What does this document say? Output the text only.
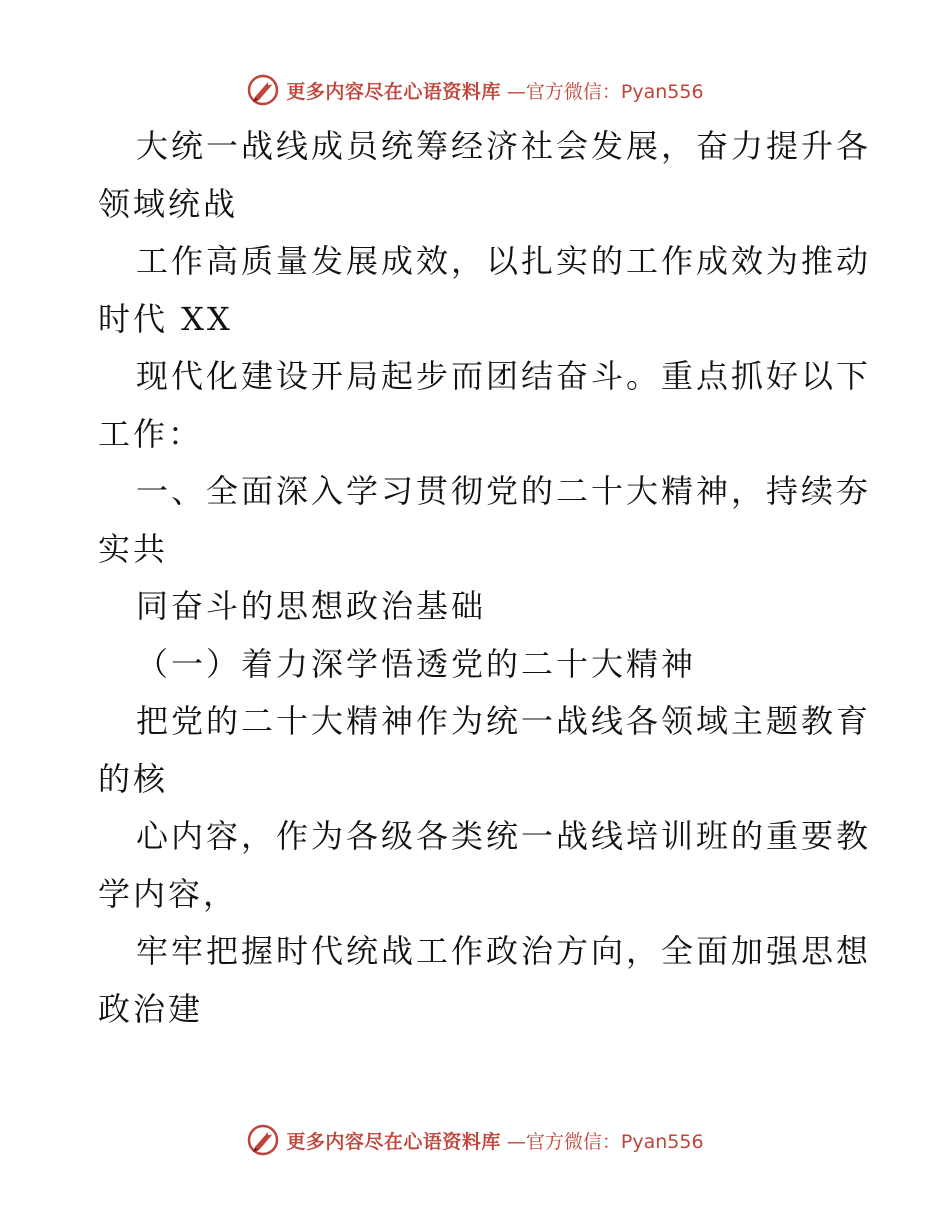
更多内容尽在心语资料库 —官方微信：Pyan556
大统一战线成员统筹经济社会发展，奋力提升各
领域统战
工作高质量发展成效，以扎实的工作成效为推动
时代 XX
现代化建设开局起步而团结奋斗。重点抓好以下
工作：
一、全面深入学习贯彻党的二十大精神，持续夯
实共
同奋斗的思想政治基础
（一）着力深学悟透党的二十大精神
把党的二十大精神作为统一战线各领域主题教育
的核
心内容，作为各级各类统一战线培训班的重要教
学内容，
牢牢把握时代统战工作政治方向，全面加强思想
政治建
更多内容尽在心语资料库 —官方微信：Pyan556
